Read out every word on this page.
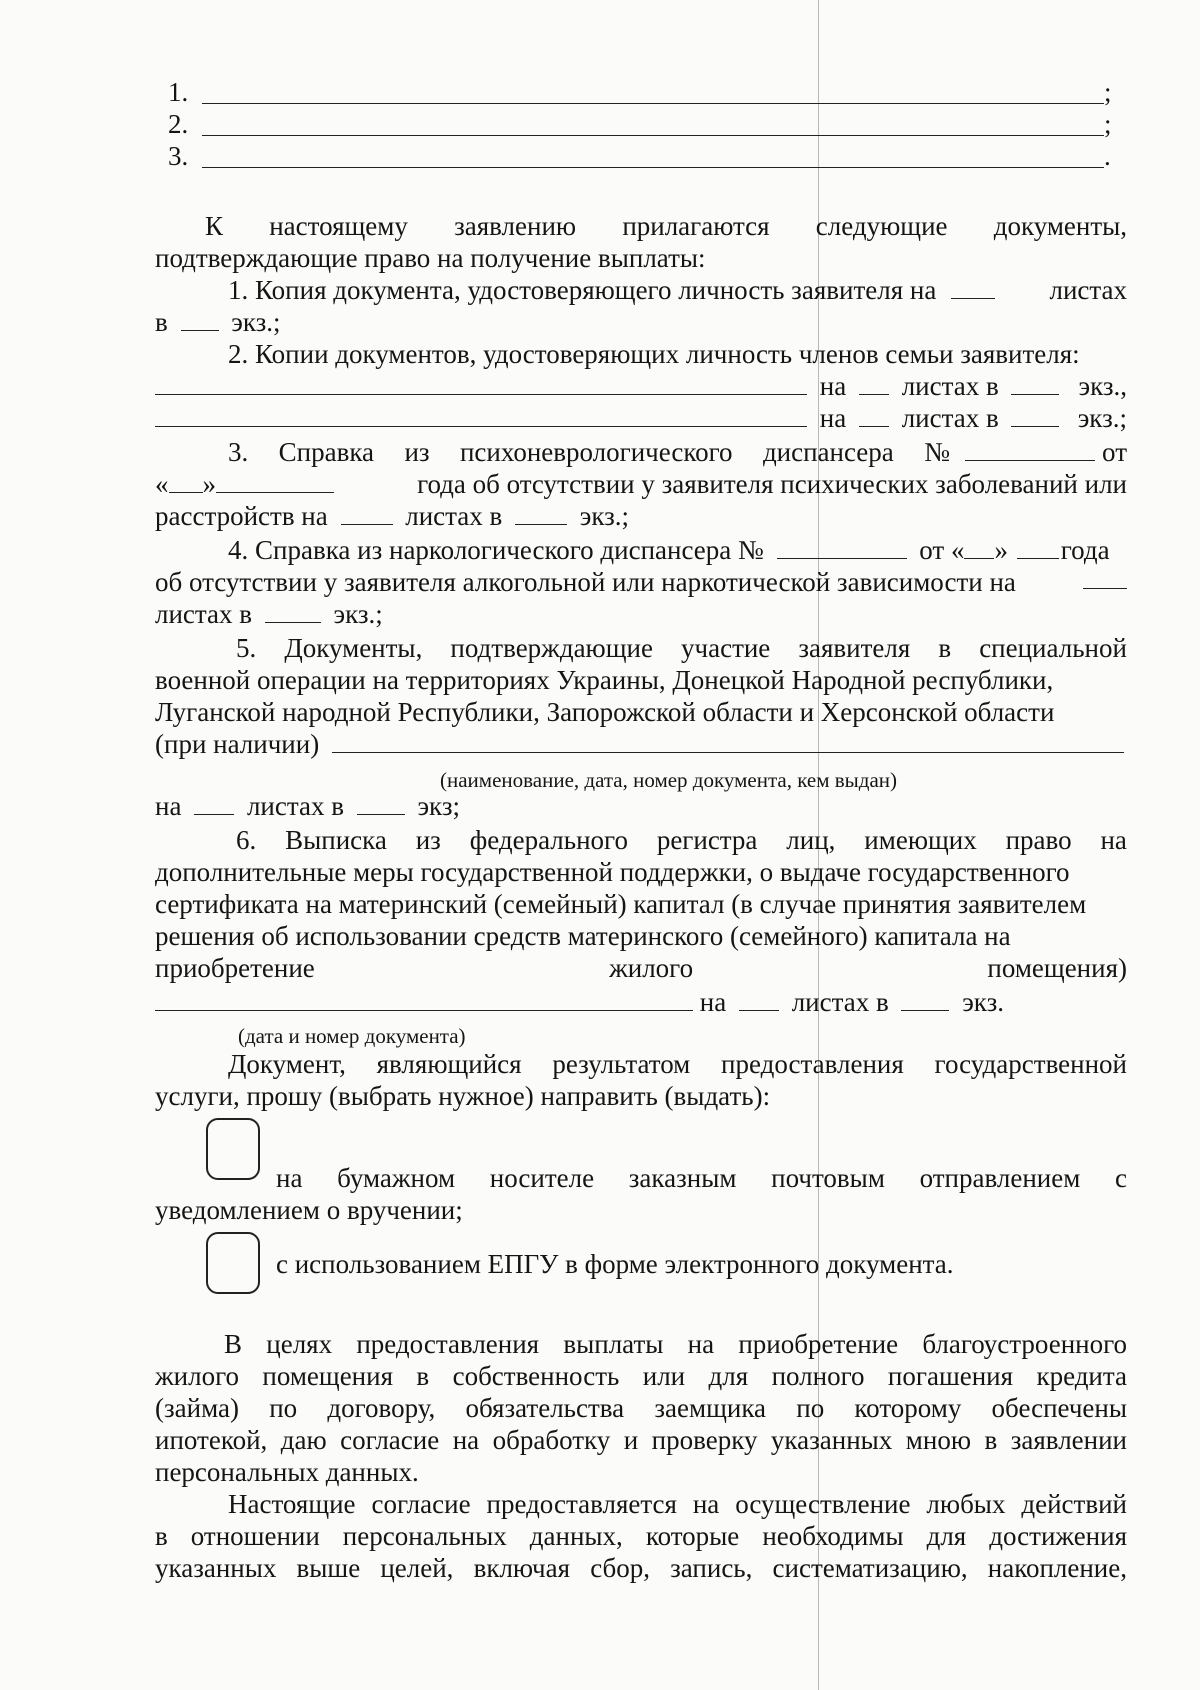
1.	;
2.	;
3.	.
К настоящему заявлению прилагаются следующие документы,
подтверждающие право на получение выплаты:
1. Копия документа, удостоверяющего личность заявителя на	листах
в экз.;
2. Копии документов, удостоверяющих личность членов семьи заявителя:
на листах в	экз.,
на листах в	экз.;
3. Справка из психоневрологического диспансера №
	от
« »	года об отсутствии у заявителя психических заболеваний или
расстройств на	листах в	экз.;
4. Справка из наркологического диспансера №	от « » года
об отсутствии у заявителя алкогольной или наркотической зависимости на
листах в	экз.;
5. Документы, подтверждающие участие заявителя в специальной
военной операции на территориях Украины, Донецкой Народной республики,
Луганской народной Республики, Запорожской области и Херсонской области
(при наличии)
(наименование, дата, номер документа, кем выдан)
на листах в	экз;
6. Выписка из федерального регистра лиц, имеющих право на
дополнительные меры государственной поддержки, о выдаче государственного
сертификата на материнский (семейный) капитал (в случае принятия заявителем
решения об использовании средств материнского (семейного) капитала на
приобретение	жилого	помещения)
на листах в	экз.
(дата и номер документа)
Документ, являющийся результатом предоставления государственной
услуги, прошу (выбрать нужное) направить (выдать):
на бумажном носителе заказным почтовым отправлением с
уведомлением о вручении;
с использованием ЕПГУ в форме электронного документа.
В целях предоставления выплаты на приобретение благоустроенного
жилого помещения в собственность или для полного погашения кредита
(займа) по договору, обязательства заемщика по которому обеспечены
ипотекой, даю согласие на обработку и проверку указанных мною в заявлении
персональных данных.
Настоящие согласие предоставляется на осуществление любых действий
в отношении персональных данных, которые необходимы для достижения
указанных выше целей, включая сбор, запись, систематизацию, накопление,
